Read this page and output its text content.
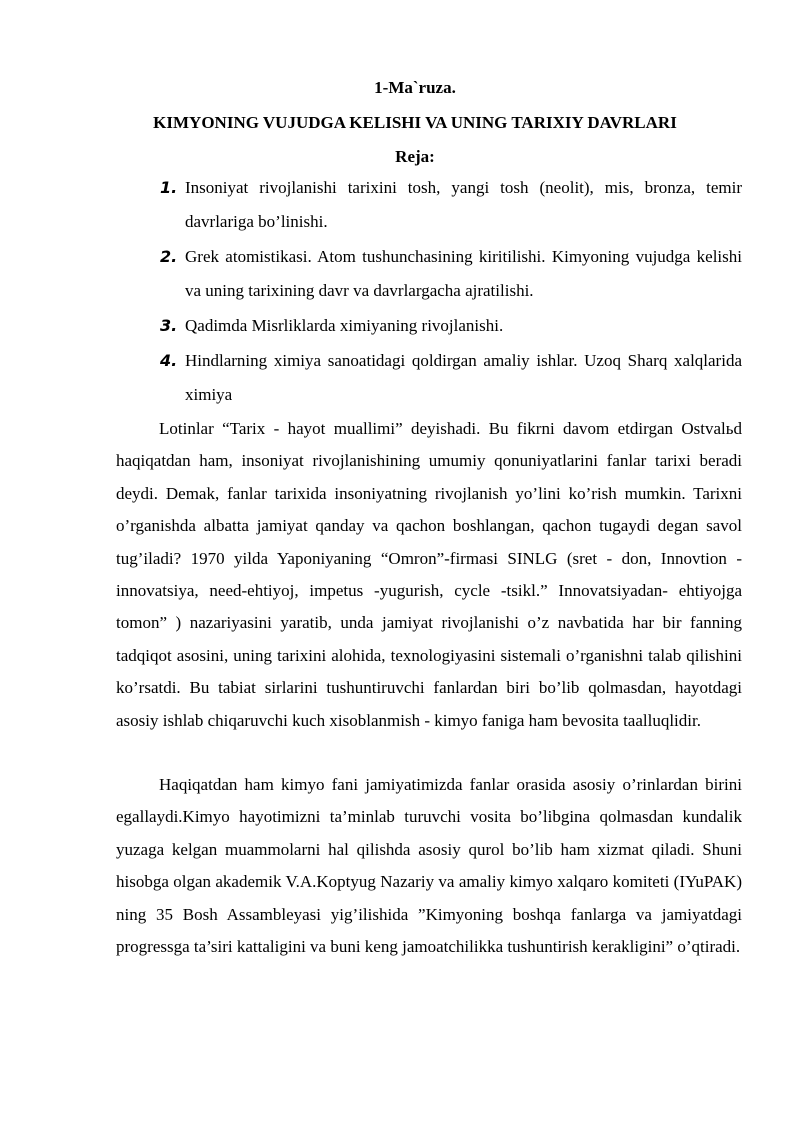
1-Ma`ruza.
KIMYONING VUJUDGA KELISHI VA UNING TARIXIY DAVRLARI
Reja:
1. Insoniyat rivojlanishi tarixini tosh, yangi tosh (neolit), mis, bronza, temir davrlariga bo’linishi.
2. Grek atomistikasi. Atom tushunchasining kiritilishi. Kimyoning vujudga kelishi va uning tarixining davr va davrlargacha ajratilishi.
3. Qadimda Misrliklarda ximiyaning rivojlanishi.
4. Hindlarning ximiya sanoatidagi qoldirgan amaliy ishlar. Uzoq Sharq xalqlarida ximiya

Lotinlar “Tarix - hayot muallimi” deyishadi. Bu fikrni davom etdirgan Ostvalьd haqiqatdan ham, insoniyat rivojlanishining umumiy qonuniyatlarini fanlar tarixi beradi deydi. Demak, fanlar tarixida insoniyatning rivojlanish yo’lini ko’rish mumkin. Tarixni o’rganishda albatta jamiyat qanday va qachon boshlangan, qachon tugaydi degan savol tug’iladi? 1970 yilda Yaponiyaning “Omron”-firmasi SINLG (sret - don, Innovtion -innovatsiya, need-ehtiyoj, impetus -yugurish, cycle -tsikl.” Innovatsiyadan- ehtiyojga tomon” ) nazariyasini yaratib, unda jamiyat rivojlanishi o’z navbatida har bir fanning tadqiqot asosini, uning tarixini alohida, texnologiyasini sistemali o’rganishni talab qilishini ko’rsatdi. Bu tabiat sirlarini tushuntiruvchi fanlardan biri bo’lib qolmasdan, hayotdagi asosiy ishlab chiqaruvchi kuch xisoblanmish - kimyo faniga ham bevosita taalluqlidir.

Haqiqatdan ham kimyo fani jamiyatimizda fanlar orasida asosiy o’rinlardan birini egallaydi.Kimyo hayotimizni ta’minlab turuvchi vosita bo’libgina qolmasdan kundalik yuzaga kelgan muammolarni hal qilishda asosiy qurol bo’lib ham xizmat qiladi. Shuni hisobga olgan akademik V.A.Koptyug Nazariy va amaliy kimyo xalqaro komiteti (IYuPAK) ning 35 Bosh Assambleyasi yig’ilishida ”Kimyoning boshqa fanlarga va jamiyatdagi progressga ta’siri kattaligini va buni keng jamoatchilikka tushuntirish kerakligini” o’qtiradi.
